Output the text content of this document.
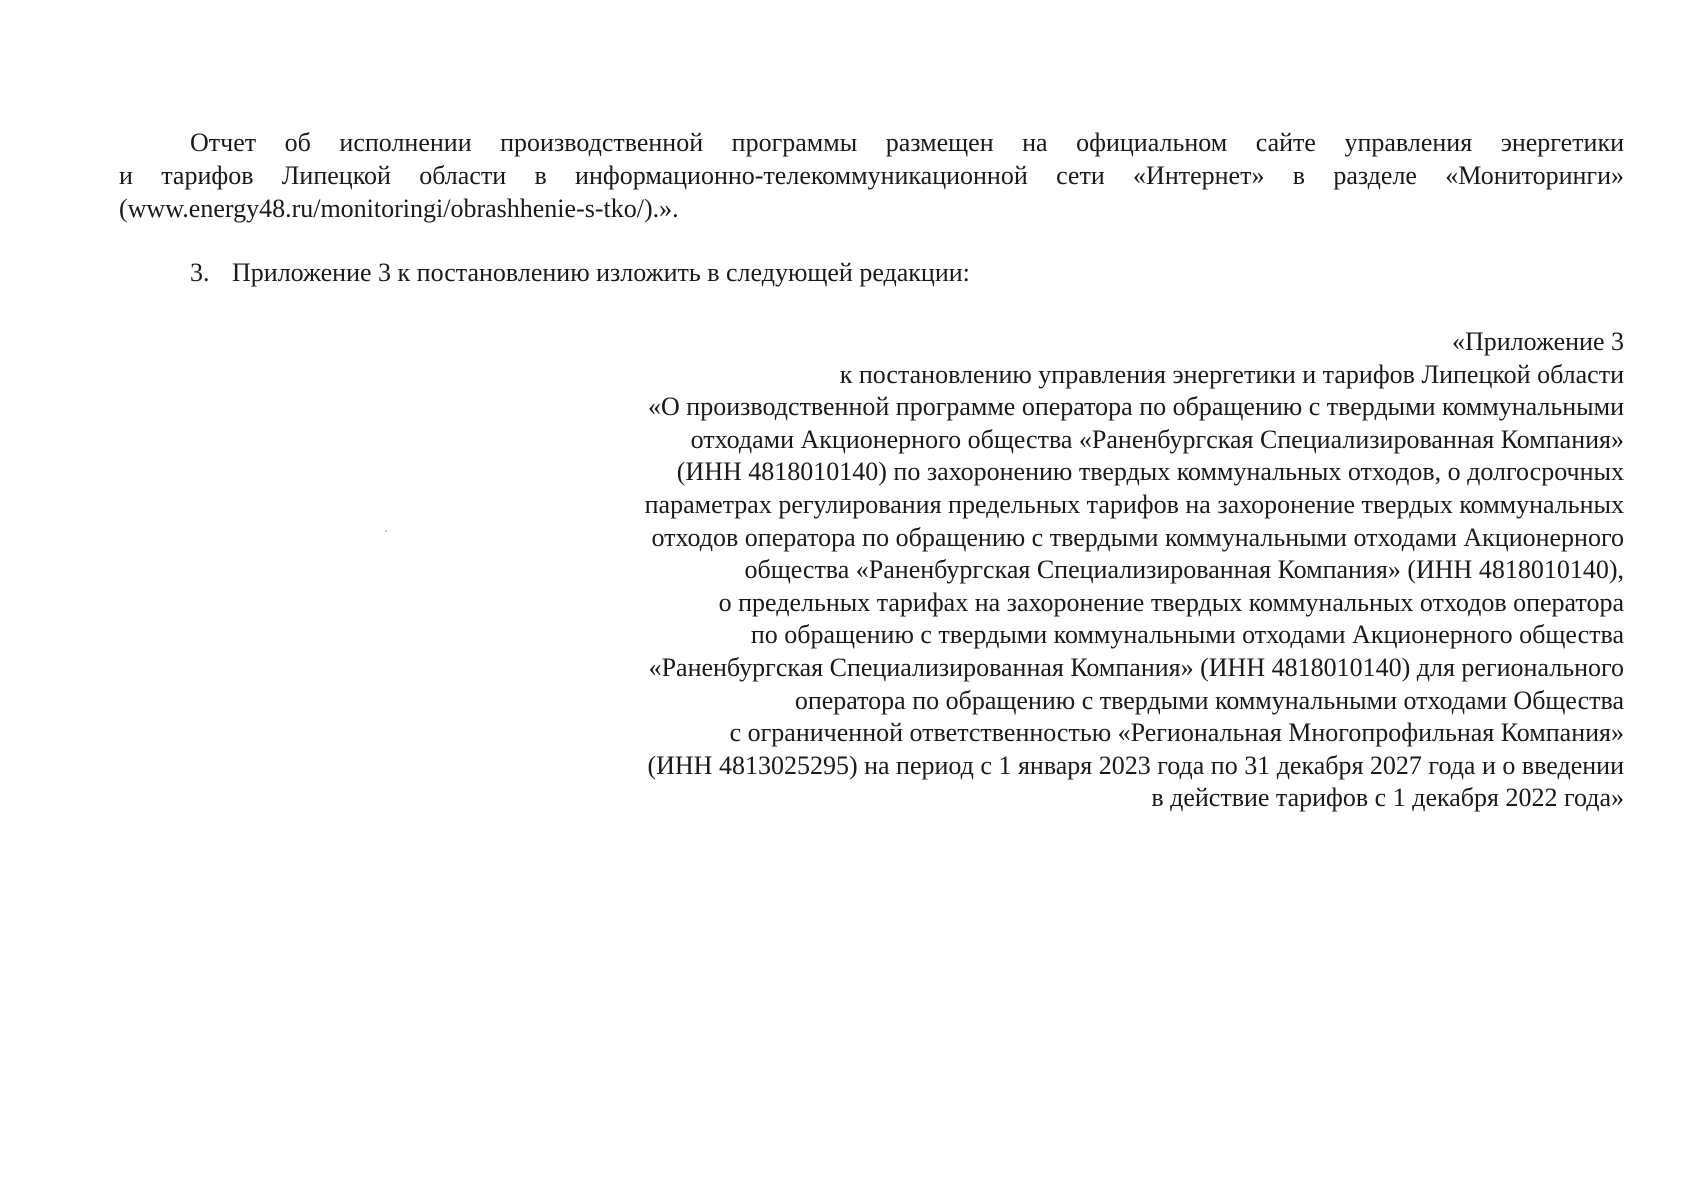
Отчет об исполнении производственной программы размещен на официальном сайте управления энергетики
и тарифов Липецкой области в информационно-телекоммуникационной сети «Интернет» в разделе «Мониторинги»
(www.energy48.ru/monitoringi/obrashhenie-s-tko/).».
3. Приложение 3 к постановлению изложить в следующей редакции:
«Приложение 3
к постановлению управления энергетики и тарифов Липецкой области
«О производственной программе оператора по обращению с твердыми коммунальными
отходами Акционерного общества «Раненбургская Специализированная Компания»
(ИНН 4818010140) по захоронению твердых коммунальных отходов, о долгосрочных
параметрах регулирования предельных тарифов на захоронение твердых коммунальных
отходов оператора по обращению с твердыми коммунальными отходами Акционерного
общества «Раненбургская Специализированная Компания» (ИНН 4818010140),
о предельных тарифах на захоронение твердых коммунальных отходов оператора
по обращению с твердыми коммунальными отходами Акционерного общества
«Раненбургская Специализированная Компания» (ИНН 4818010140) для регионального
оператора по обращению с твердыми коммунальными отходами Общества
с ограниченной ответственностью «Региональная Многопрофильная Компания»
(ИНН 4813025295) на период с 1 января 2023 года по 31 декабря 2027 года и о введении
в действие тарифов с 1 декабря 2022 года»
